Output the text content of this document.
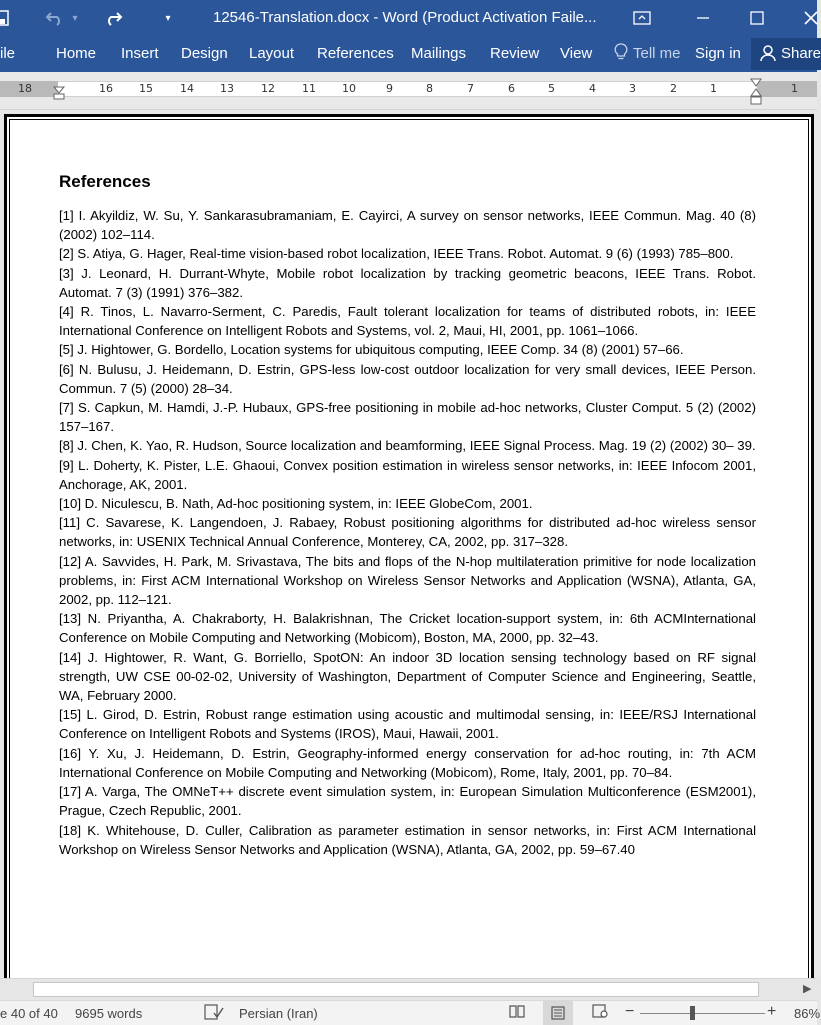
▾	▾	12546-Translation.docx - Word (Product Activation Faile...
ile	Home Insert Design Layout References Mailings Review View	Tell me Sign in	Share
18	16 15 14 13 12 11 10	9	8	7	6	5	4	3	2	1	1
References

[1] I. Akyildiz, W. Su, Y. Sankarasubramaniam, E. Cayirci, A survey on sensor networks, IEEE Commun. Mag. 40 (8) (2002) 102–114.

[2] S. Atiya, G. Hager, Real-time vision-based robot localization, IEEE Trans. Robot. Automat. 9 (6) (1993) 785–800.

[3] J. Leonard, H. Durrant-Whyte, Mobile robot localization by tracking geometric beacons, IEEE Trans. Robot. Automat. 7 (3) (1991) 376–382.

[4] R. Tinos, L. Navarro-Serment, C. Paredis, Fault tolerant localization for teams of distributed robots, in: IEEE International Conference on Intelligent Robots and Systems, vol. 2, Maui, HI, 2001, pp. 1061–1066.

[5] J. Hightower, G. Bordello, Location systems for ubiquitous computing, IEEE Comp. 34 (8) (2001) 57–66.

[6] N. Bulusu, J. Heidemann, D. Estrin, GPS-less low-cost outdoor localization for very small devices, IEEE Person. Commun. 7 (5) (2000) 28–34.

[7] S. Capkun, M. Hamdi, J.-P. Hubaux, GPS-free positioning in mobile ad-hoc networks, Cluster Comput. 5 (2) (2002) 157–167.

[8] J. Chen, K. Yao, R. Hudson, Source localization and beamforming, IEEE Signal Process. Mag. 19 (2) (2002) 30– 39.

[9] L. Doherty, K. Pister, L.E. Ghaoui, Convex position estimation in wireless sensor networks, in: IEEE Infocom 2001, Anchorage, AK, 2001.

[10] D. Niculescu, B. Nath, Ad-hoc positioning system, in: IEEE GlobeCom, 2001.

[11] C. Savarese, K. Langendoen, J. Rabaey, Robust positioning algorithms for distributed ad-hoc wireless sensor networks, in: USENIX Technical Annual Conference, Monterey, CA, 2002, pp. 317–328.

[12] A. Savvides, H. Park, M. Srivastava, The bits and flops of the N-hop multilateration primitive for node localization problems, in: First ACM International Workshop on Wireless Sensor Networks and Application (WSNA), Atlanta, GA, 2002, pp. 112–121.

[13] N. Priyantha, A. Chakraborty, H. Balakrishnan, The Cricket location-support system, in: 6th ACMInternational Conference on Mobile Computing and Networking (Mobicom), Boston, MA, 2000, pp. 32–43.

[14] J. Hightower, R. Want, G. Borriello, SpotON: An indoor 3D location sensing technology based on RF signal strength, UW CSE 00-02-02, University of Washington, Department of Computer Science and Engineering, Seattle, WA, February 2000.

[15] L. Girod, D. Estrin, Robust range estimation using acoustic and multimodal sensing, in: IEEE/RSJ International Conference on Intelligent Robots and Systems (IROS), Maui, Hawaii, 2001.

[16] Y. Xu, J. Heidemann, D. Estrin, Geography-informed energy conservation for ad-hoc routing, in: 7th ACM International Conference on Mobile Computing and Networking (Mobicom), Rome, Italy, 2001, pp. 70–84.

[17] A. Varga, The OMNeT++ discrete event simulation system, in: European Simulation Multiconference (ESM2001), Prague, Czech Republic, 2001.

[18] K. Whitehouse, D. Culler, Calibration as parameter estimation in sensor networks, in: First ACM International Workshop on Wireless Sensor Networks and Application (WSNA), Atlanta, GA, 2002, pp. 59–67.40

▶
e 40 of 40 9695 words	Persian (Iran)	−	+ 86%
